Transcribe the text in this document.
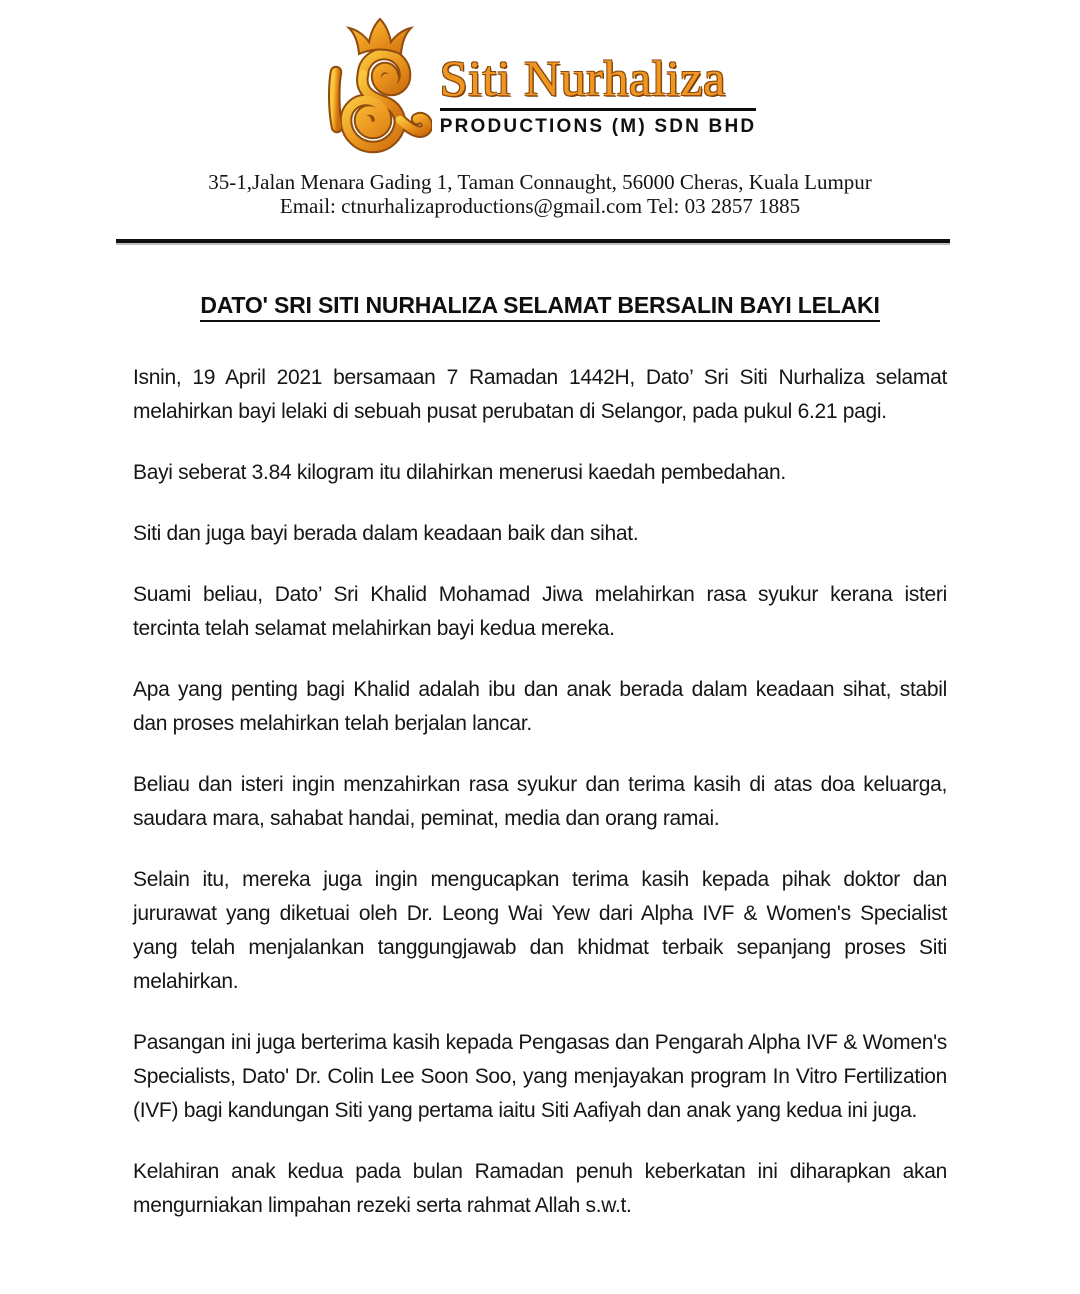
Siti Nurhaliza
PRODUCTIONS (M) SDN BHD
35-1,Jalan Menara Gading 1, Taman Connaught, 56000 Cheras, Kuala Lumpur
Email: ctnurhalizaproductions@gmail.com Tel: 03 2857 1885
DATO' SRI SITI NURHALIZA SELAMAT BERSALIN BAYI LELAKI

Isnin, 19 April 2021 bersamaan 7 Ramadan 1442H, Dato’ Sri Siti Nurhaliza selamat melahirkan bayi lelaki di sebuah pusat perubatan di Selangor, pada pukul 6.21 pagi.

Bayi seberat 3.84 kilogram itu dilahirkan menerusi kaedah pembedahan.

Siti dan juga bayi berada dalam keadaan baik dan sihat.

Suami beliau, Dato’ Sri Khalid Mohamad Jiwa melahirkan rasa syukur kerana isteri tercinta telah selamat melahirkan bayi kedua mereka.

Apa yang penting bagi Khalid adalah ibu dan anak berada dalam keadaan sihat, stabil dan proses melahirkan telah berjalan lancar.

Beliau dan isteri ingin menzahirkan rasa syukur dan terima kasih di atas doa keluarga, saudara mara, sahabat handai, peminat, media dan orang ramai.

Selain itu, mereka juga ingin mengucapkan terima kasih kepada pihak doktor dan jururawat yang diketuai oleh Dr. Leong Wai Yew dari Alpha IVF & Women's Specialist yang telah menjalankan tanggungjawab dan khidmat terbaik sepanjang proses Siti melahirkan.

Pasangan ini juga berterima kasih kepada Pengasas dan Pengarah Alpha IVF & Women's Specialists, Dato' Dr. Colin Lee Soon Soo, yang menjayakan program In Vitro Fertilization (IVF) bagi kandungan Siti yang pertama iaitu Siti Aafiyah dan anak yang kedua ini juga.

Kelahiran anak kedua pada bulan Ramadan penuh keberkatan ini diharapkan akan mengurniakan limpahan rezeki serta rahmat Allah s.w.t.
